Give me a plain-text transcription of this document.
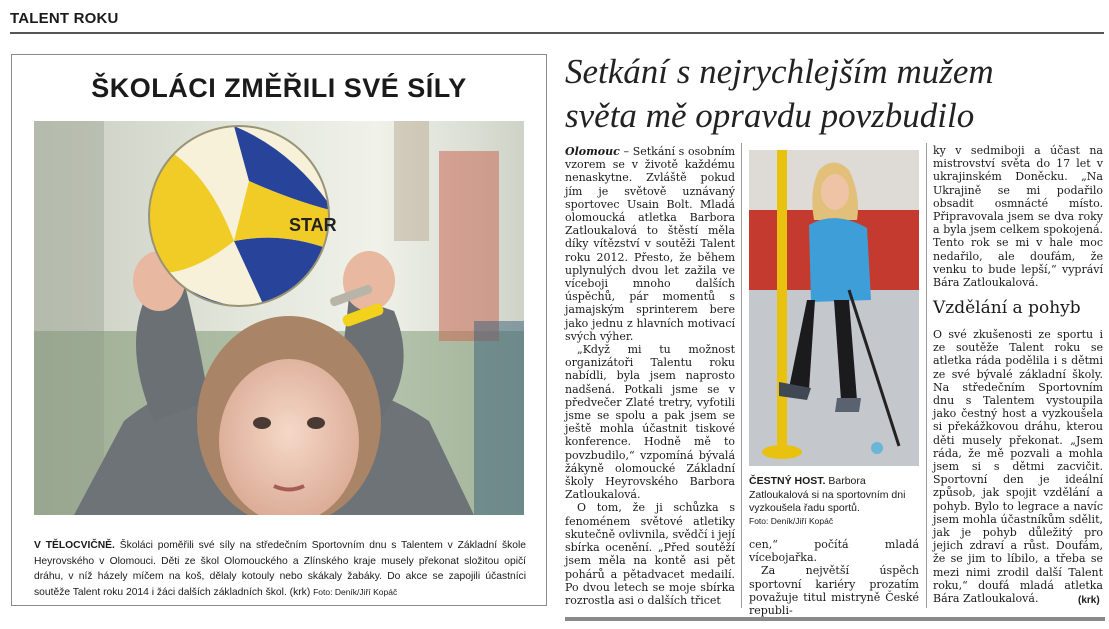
TALENT ROKU
ŠKOLÁCI ZMĚŘILI SVÉ SÍLY
STAR
V TĚLOCVIČNĚ. Školáci poměřili své síly na středečním Sportovním dnu s Talentem v Základní škole Heyrovského v Olomouci. Děti ze škol Olomouckého a Zlínského kraje musely překonat složitou opičí dráhu, v níž házely míčem na koš, dělaly kotouly nebo skákaly žabáky. Do akce se zapojili účastníci soutěže Talent roku 2014 i žáci dalších základních škol. (krk) Foto: Deník/Jiří Kopáč
Setkání s nejrychlejším mužem
světa mě opravdu povzbudilo

Olomouc – Setkání s osobním vzorem se v životě každému nenaskytne. Zvláště pokud jím je světově uznávaný sportovec Usain Bolt. Mladá olomoucká atletka Barbora Zatloukalová to štěstí měla díky vítězství v soutěži Talent roku 2012. Přesto, že během uplynulých dvou let zažila ve víceboji mnoho dalších úspěchů, pár momentů s jamajským sprinterem bere jako jednu z hlavních motivací svých výher.

„Když mi tu možnost organizátoři Talentu roku nabídli, byla jsem naprosto nadšená. Potkali jsme se v předvečer Zlaté tretry, vyfotili jsme se spolu a pak jsem se ještě mohla účastnit tiskové konference. Hodně mě to povzbudilo,“ vzpomíná bývalá žákyně olomoucké Základní školy Heyrovského Barbora Zatloukalová.

O tom, že ji schůzka s fenoménem světové atletiky skutečně ovlivnila, svědčí i její sbírka ocenění. „Před soutěží jsem měla na kontě asi pět pohárů a pětadvacet medailí. Po dvou letech se moje sbírka rozrostla asi o dalších třicet

ČESTNÝ HOST. Barbora Zatloukalová si na sportovním dni vyzkoušela řadu sportů.
Foto: Deník/Jiří Kopáč

cen,“ počítá mladá vícebojařka.

Za největší úspěch sportovní kariéry prozatím považuje titul mistryně České republi-

ky v sedmiboji a účast na mistrovství světa do 17 let v ukrajinském Doněcku. „Na Ukrajině se mi podařilo obsadit osmnácté místo. Připravovala jsem se dva roky a byla jsem celkem spokojená. Tento rok se mi v hale moc nedařilo, ale doufám, že venku to bude lepší,“ vypráví Bára Zatloukalová.

Vzdělání a pohyb

O své zkušenosti ze sportu i ze soutěže Talent roku se atletka ráda podělila i s dětmi ze své bývalé základní školy. Na středečním Sportovním dnu s Talentem vystoupila jako čestný host a vyzkoušela si překážkovou dráhu, kterou děti musely překonat. „Jsem ráda, že mě pozvali a mohla jsem si s dětmi zacvičit. Sportovní den je ideální způsob, jak spojit vzdělání a pohyb. Bylo to legrace a navíc jsem mohla účastníkům sdělit, jak je pohyb důležitý pro jejich zdraví a růst. Doufám, že se jim to líbilo, a třeba se mezi nimi zrodil další Talent roku,“ doufá mladá atletka Bára Zatloukalová.	(krk)
